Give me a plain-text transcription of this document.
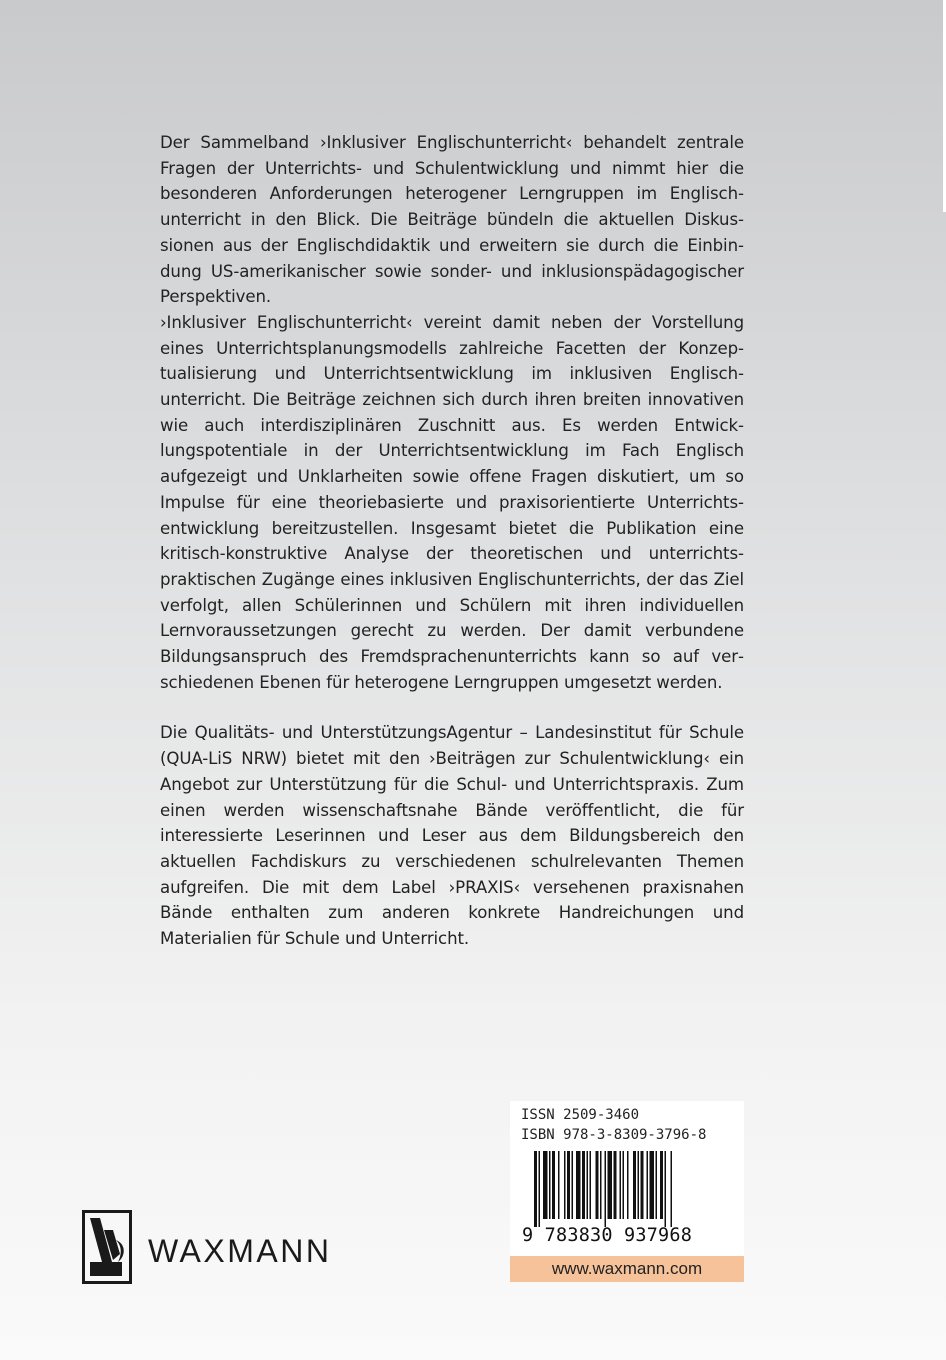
Der Sammelband ›Inklusiver Englischunterricht‹ behandelt zentrale Fragen der Unterrichts- und Schulentwicklung und nimmt hier die besonderen Anforderungen heterogener Lerngruppen im Englischunterricht in den Blick. Die Beiträge bündeln die aktuellen Diskussionen aus der Englischdidaktik und erweitern sie durch die Einbindung US-amerikanischer sowie sonder- und inklusionspädagogischer Perspektiven.

›Inklusiver Englischunterricht‹ vereint damit neben der Vorstellung eines Unterrichtsplanungsmodells zahlreiche Facetten der Konzeptualisierung und Unterrichtsentwicklung im inklusiven Englischunterricht. Die Beiträge zeichnen sich durch ihren breiten innovativen wie auch interdisziplinären Zuschnitt aus. Es werden Entwicklungspotentiale in der Unterrichtsentwicklung im Fach Englisch aufgezeigt und Unklarheiten sowie offene Fragen diskutiert, um so Impulse für eine theoriebasierte und praxisorientierte Unterrichtsentwicklung bereitzustellen. Insgesamt bietet die Publikation eine kritisch-konstruktive Analyse der theoretischen und unterrichtspraktischen Zugänge eines inklusiven Englischunterrichts, der das Ziel verfolgt, allen Schülerinnen und Schülern mit ihren individuellen Lernvoraussetzungen gerecht zu werden. Der damit verbundene Bildungsanspruch des Fremdsprachenunterrichts kann so auf verschiedenen Ebenen für heterogene Lerngruppen umgesetzt werden.

Die Qualitäts- und UnterstützungsAgentur – Landesinstitut für Schule (QUA-LiS NRW) bietet mit den ›Beiträgen zur Schulentwicklung‹ ein Angebot zur Unterstützung für die Schul- und Unterrichtspraxis. Zum einen werden wissenschaftsnahe Bände veröffentlicht, die für interessierte Leserinnen und Leser aus dem Bildungsbereich den aktuellen Fachdiskurs zu verschiedenen schulrelevanten Themen aufgreifen. Die mit dem Label ›PRAXIS‹ versehenen praxisnahen Bände enthalten zum anderen konkrete Handreichungen und Materialien für Schule und Unterricht.

ISSN 2509-3460
ISBN 978-3-8309-3796-8
9 783830 937968
www.waxmann.com
WAXMANN
